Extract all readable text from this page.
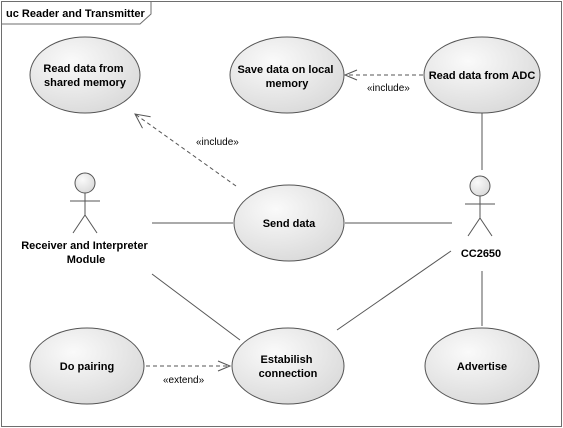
uc Reader and Transmitter
«include»
«include»
«extend»
Read data from shared memory
Save data on local memory
Read data from ADC
Send data
Do pairing
Estabilish connection
Advertise
Receiver and Interpreter Module	CC2650
